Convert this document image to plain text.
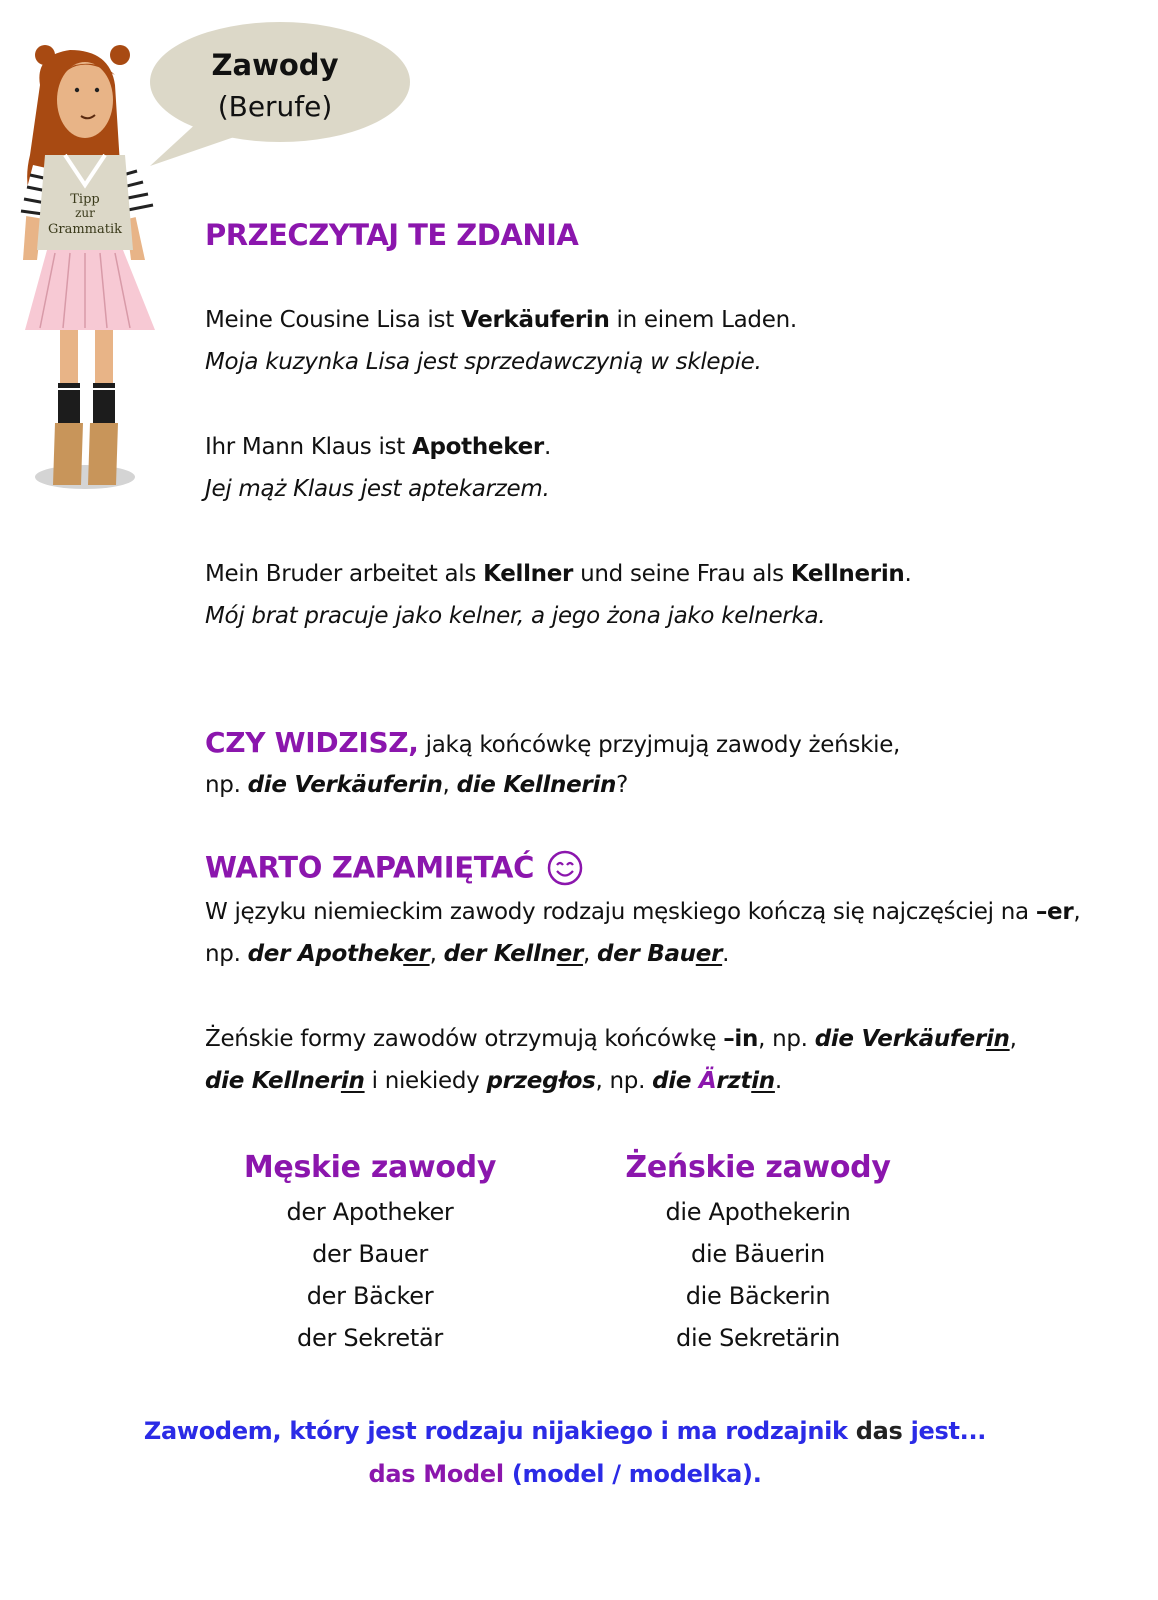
Zawody
(Berufe)
Tipp
zur
Grammatik	PRZECZYTAJ TE ZDANIA
Meine Cousine Lisa ist Verkäuferin in einem Laden.
Moja kuzynka Lisa jest sprzedawczynią w sklepie.
Ihr Mann Klaus ist Apotheker.
Jej mąż Klaus jest aptekarzem.
Mein Bruder arbeitet als Kellner und seine Frau als Kellnerin.
Mój brat pracuje jako kelner, a jego żona jako kelnerka.
CZY WIDZISZ, jaką końcówkę przyjmują zawody żeńskie,
np. die Verkäuferin, die Kellnerin?
WARTO ZAPAMIĘTAĆ
W języku niemieckim zawody rodzaju męskiego kończą się najczęściej na –er,
np. der Apotheker, der Kellner, der Bauer.
Żeńskie formy zawodów otrzymują końcówkę –in, np. die Verkäuferin,
die Kellnerin i niekiedy przegłos, np. die Ärztin.
Męskie zawody
der Apotheker
der Bauer
der Bäcker
der Sekretär
Żeńskie zawody
die Apothekerin
die Bäuerin
die Bäckerin
die Sekretärin
Zawodem, który jest rodzaju nijakiego i ma rodzajnik das jest...
das Model (model / modelka).
